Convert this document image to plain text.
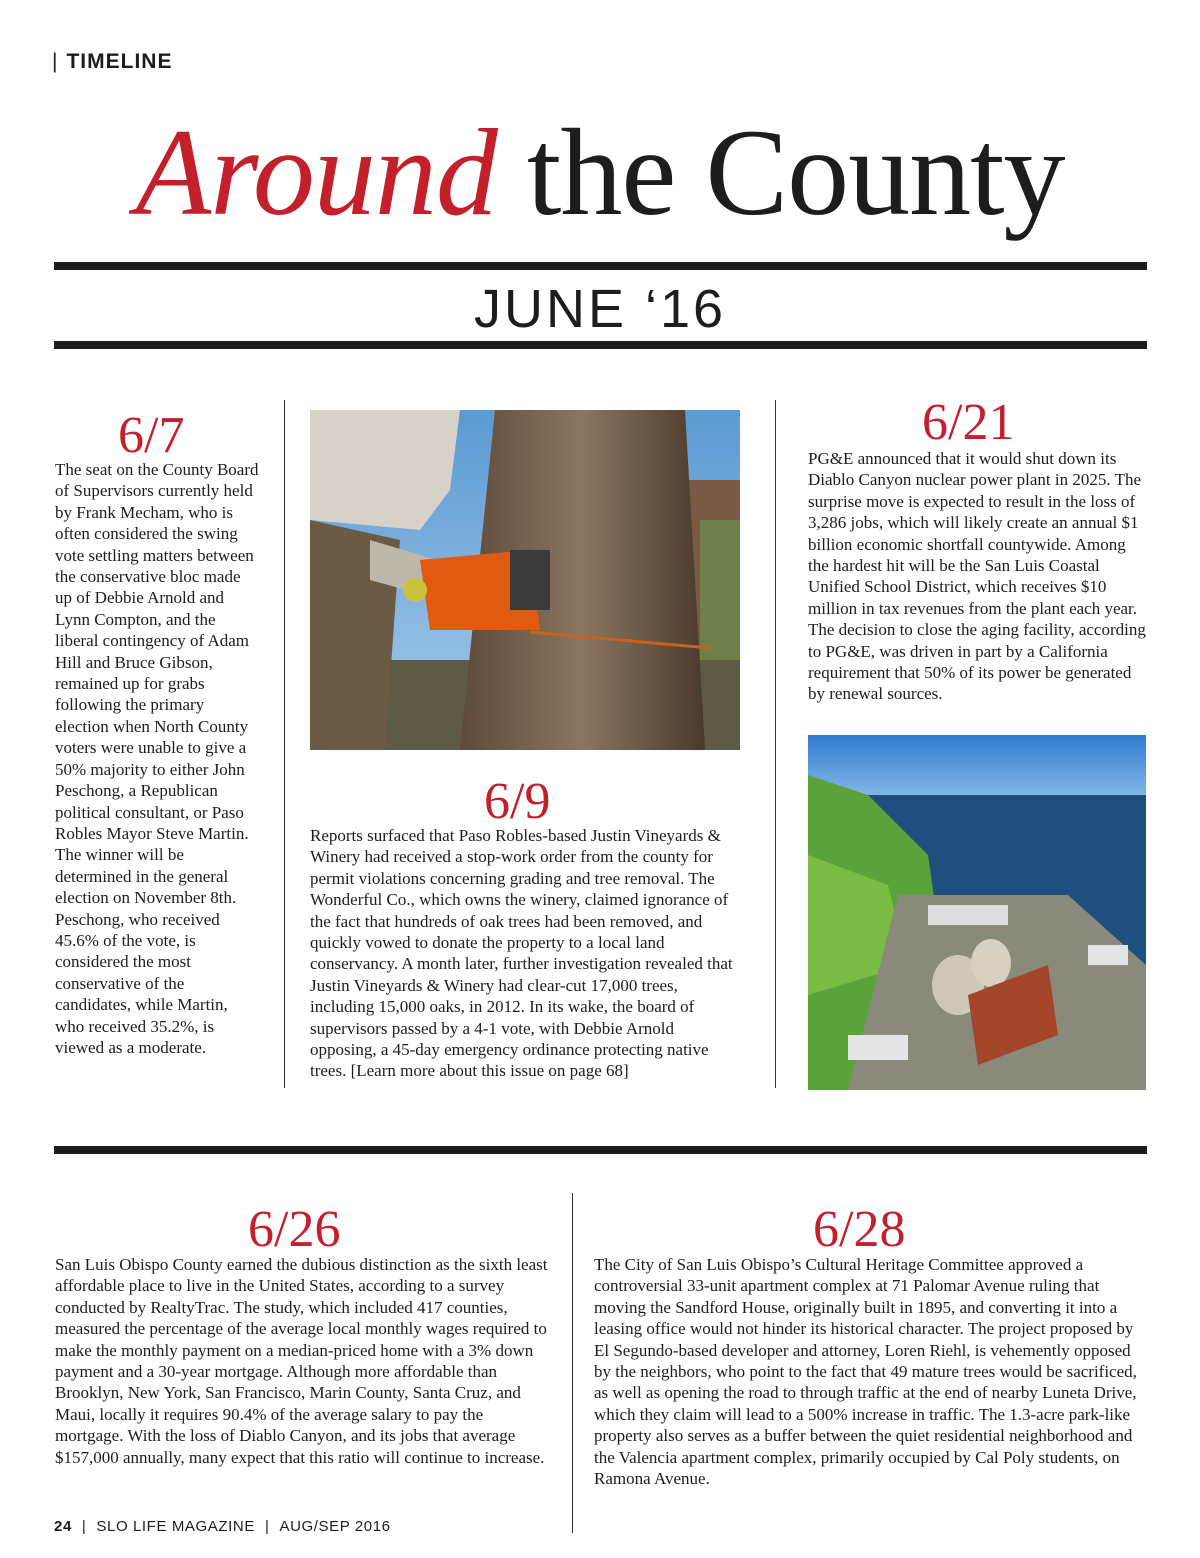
| TIMELINE
Around the County
JUNE ‘16
6/7
The seat on the County Board of Supervisors currently held by Frank Mecham, who is often considered the swing vote settling matters between the conservative bloc made up of Debbie Arnold and Lynn Compton, and the liberal contingency of Adam Hill and Bruce Gibson, remained up for grabs following the primary election when North County voters were unable to give a 50% majority to either John Peschong, a Republican political consultant, or Paso Robles Mayor Steve Martin. The winner will be determined in the general election on November 8th. Peschong, who received 45.6% of the vote, is considered the most conservative of the candidates, while Martin, who received 35.2%, is viewed as a moderate.
6/9
Reports surfaced that Paso Robles-based Justin Vineyards & Winery had received a stop-work order from the county for permit violations concerning grading and tree removal. The Wonderful Co., which owns the winery, claimed ignorance of the fact that hundreds of oak trees had been removed, and quickly vowed to donate the property to a local land conservancy. A month later, further investigation revealed that Justin Vineyards & Winery had clear-cut 17,000 trees, including 15,000 oaks, in 2012. In its wake, the board of supervisors passed by a 4-1 vote, with Debbie Arnold opposing, a 45-day emergency ordinance protecting native trees. [Learn more about this issue on page 68]
6/21
PG&E announced that it would shut down its Diablo Canyon nuclear power plant in 2025. The surprise move is expected to result in the loss of 3,286 jobs, which will likely create an annual $1 billion economic shortfall countywide. Among the hardest hit will be the San Luis Coastal Unified School District, which receives $10 million in tax revenues from the plant each year. The decision to close the aging facility, according to PG&E, was driven in part by a California requirement that 50% of its power be generated by renewal sources.
6/26
San Luis Obispo County earned the dubious distinction as the sixth least affordable place to live in the United States, according to a survey conducted by RealtyTrac. The study, which included 417 counties, measured the percentage of the average local monthly wages required to make the monthly payment on a median-priced home with a 3% down payment and a 30-year mortgage. Although more affordable than Brooklyn, New York, San Francisco, Marin County, Santa Cruz, and Maui, locally it requires 90.4% of the average salary to pay the mortgage. With the loss of Diablo Canyon, and its jobs that average $157,000 annually, many expect that this ratio will continue to increase.
6/28
The City of San Luis Obispo’s Cultural Heritage Committee approved a controversial 33-unit apartment complex at 71 Palomar Avenue ruling that moving the Sandford House, originally built in 1895, and converting it into a leasing office would not hinder its historical character. The project proposed by El Segundo-based developer and attorney, Loren Riehl, is vehemently opposed by the neighbors, who point to the fact that 49 mature trees would be sacrificed, as well as opening the road to through traffic at the end of nearby Luneta Drive, which they claim will lead to a 500% increase in traffic. The 1.3-acre park-like property also serves as a buffer between the quiet residential neighborhood and the Valencia apartment complex, primarily occupied by Cal Poly students, on Ramona Avenue.
24 | SLO LIFE MAGAZINE | AUG/SEP 2016
